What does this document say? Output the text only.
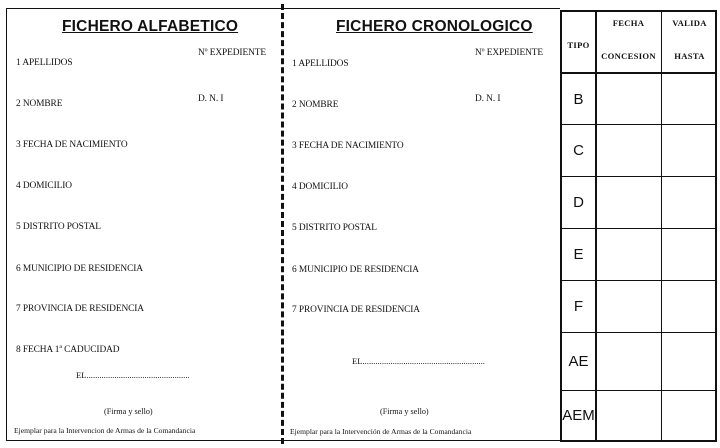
FICHERO ALFABETICO
Nº EXPEDIENTE
D. N. I
1 APELLIDOS
2 NOMBRE
3 FECHA DE NACIMIENTO
4 DOMICILIO
5 DISTRITO POSTAL
6 MUNICIPIO DE RESIDENCIA
7 PROVINCIA DE RESIDENCIA
8 FECHA 1ª CADUCIDAD
EL................................................
(Firma y sello)
Ejemplar para la Intervencion de Armas de la Comandancia
FICHERO CRONOLOGICO
Nº EXPEDIENTE
D. N. I
1 APELLIDOS
2 NOMBRE
3 FECHA DE NACIMIENTO
4 DOMICILIO
5 DISTRITO POSTAL
6 MUNICIPIO DE RESIDENCIA
7 PROVINCIA DE RESIDENCIA
EL.........................................................
(Firma y sello)
Ejemplar para la Intervención de Armas de la Comandancia
TIPO
FECHA
CONCESION
VALIDA
HASTA
B
C
D
E
F
AE
AEM
